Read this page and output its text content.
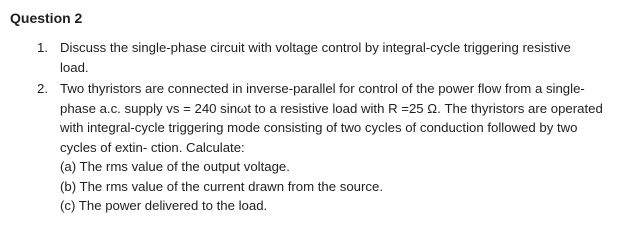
Question 2
1. Discuss the single-phase circuit with voltage control by integral-cycle triggering resistive
load.
2. Two thyristors are connected in inverse-parallel for control of the power flow from a single-
phase a.c. supply vs = 240 sinωt to a resistive load with R =25 Ω. The thyristors are operated
with integral-cycle triggering mode consisting of two cycles of conduction followed by two
cycles of extin- ction. Calculate:
(a) The rms value of the output voltage.
(b) The rms value of the current drawn from the source.
(c) The power delivered to the load.
